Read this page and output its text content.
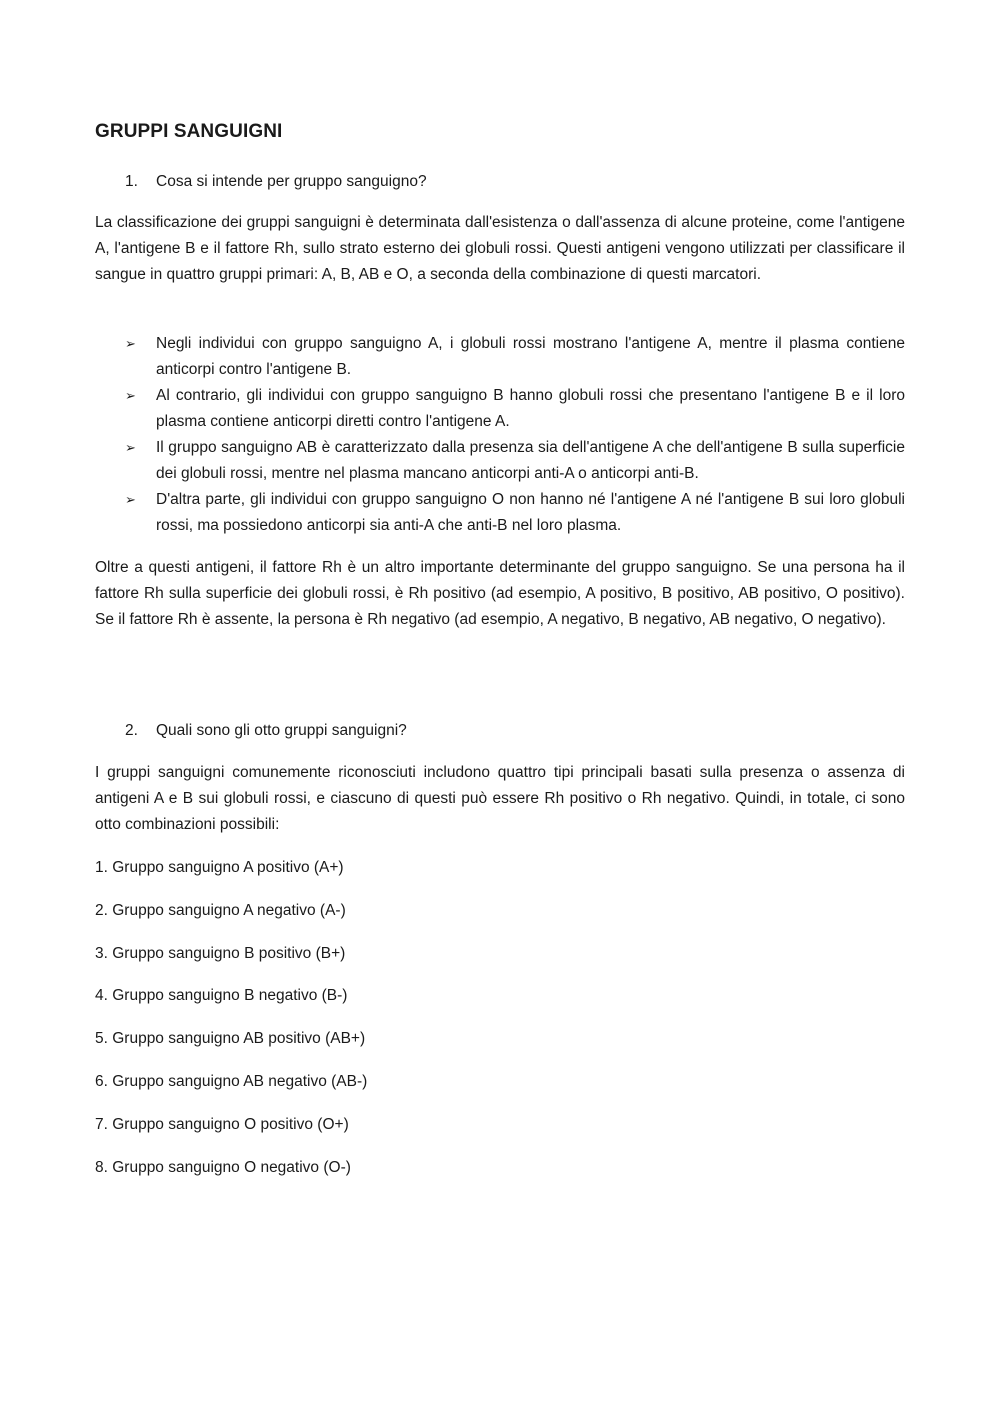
GRUPPI SANGUIGNI
1. Cosa si intende per gruppo sanguigno?

La classificazione dei gruppi sanguigni è determinata dall'esistenza o dall'assenza di alcune proteine, come l'antigene A, l'antigene B e il fattore Rh, sullo strato esterno dei globuli rossi. Questi antigeni vengono utilizzati per classificare il sangue in quattro gruppi primari: A, B, AB e O, a seconda della combinazione di questi marcatori.

➢ Negli individui con gruppo sanguigno A, i globuli rossi mostrano l'antigene A, mentre il plasma contiene anticorpi contro l'antigene B.
➢ Al contrario, gli individui con gruppo sanguigno B hanno globuli rossi che presentano l'antigene B e il loro plasma contiene anticorpi diretti contro l'antigene A.
➢ Il gruppo sanguigno AB è caratterizzato dalla presenza sia dell'antigene A che dell'antigene B sulla superficie dei globuli rossi, mentre nel plasma mancano anticorpi anti-A o anticorpi anti-B.
➢ D'altra parte, gli individui con gruppo sanguigno O non hanno né l'antigene A né l'antigene B sui loro globuli rossi, ma possiedono anticorpi sia anti-A che anti-B nel loro plasma.

Oltre a questi antigeni, il fattore Rh è un altro importante determinante del gruppo sanguigno. Se una persona ha il fattore Rh sulla superficie dei globuli rossi, è Rh positivo (ad esempio, A positivo, B positivo, AB positivo, O positivo). Se il fattore Rh è assente, la persona è Rh negativo (ad esempio, A negativo, B negativo, AB negativo, O negativo).

2. Quali sono gli otto gruppi sanguigni?

I gruppi sanguigni comunemente riconosciuti includono quattro tipi principali basati sulla presenza o assenza di antigeni A e B sui globuli rossi, e ciascuno di questi può essere Rh positivo o Rh negativo. Quindi, in totale, ci sono otto combinazioni possibili:

1. Gruppo sanguigno A positivo (A+)
2. Gruppo sanguigno A negativo (A-)
3. Gruppo sanguigno B positivo (B+)
4. Gruppo sanguigno B negativo (B-)
5. Gruppo sanguigno AB positivo (AB+)
6. Gruppo sanguigno AB negativo (AB-)
7. Gruppo sanguigno O positivo (O+)
8. Gruppo sanguigno O negativo (O-)
